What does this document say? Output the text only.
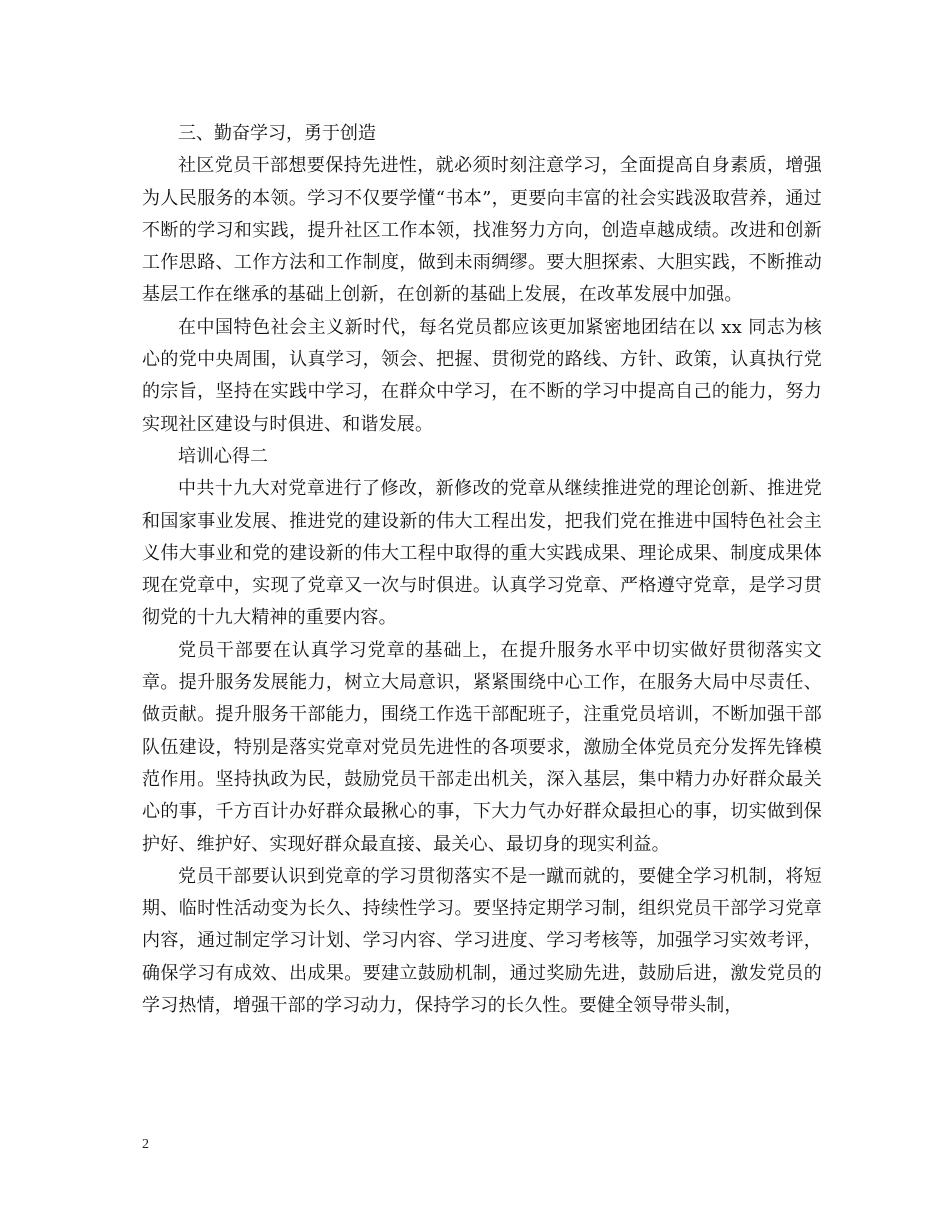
三、勤奋学习，勇于创造

社区党员干部想要保持先进性，就必须时刻注意学习，全面提高自身素质，增强为人民服务的本领。学习不仅要学懂“书本”，更要向丰富的社会实践汲取营养，通过不断的学习和实践，提升社区工作本领，找准努力方向，创造卓越成绩。改进和创新工作思路、工作方法和工作制度，做到未雨绸缪。要大胆探索、大胆实践，不断推动基层工作在继承的基础上创新，在创新的基础上发展，在改革发展中加强。

在中国特色社会主义新时代，每名党员都应该更加紧密地团结在以 xx 同志为核心的党中央周围，认真学习，领会、把握、贯彻党的路线、方针、政策，认真执行党的宗旨，坚持在实践中学习，在群众中学习，在不断的学习中提高自己的能力，努力实现社区建设与时俱进、和谐发展。

培训心得二

中共十九大对党章进行了修改，新修改的党章从继续推进党的理论创新、推进党和国家事业发展、推进党的建设新的伟大工程出发，把我们党在推进中国特色社会主义伟大事业和党的建设新的伟大工程中取得的重大实践成果、理论成果、制度成果体现在党章中，实现了党章又一次与时俱进。认真学习党章、严格遵守党章，是学习贯彻党的十九大精神的重要内容。

党员干部要在认真学习党章的基础上，在提升服务水平中切实做好贯彻落实文章。提升服务发展能力，树立大局意识，紧紧围绕中心工作，在服务大局中尽责任、做贡献。提升服务干部能力，围绕工作选干部配班子，注重党员培训，不断加强干部队伍建设，特别是落实党章对党员先进性的各项要求，激励全体党员充分发挥先锋模范作用。坚持执政为民，鼓励党员干部走出机关，深入基层，集中精力办好群众最关心的事，千方百计办好群众最揪心的事，下大力气办好群众最担心的事，切实做到保护好、维护好、实现好群众最直接、最关心、最切身的现实利益。

党员干部要认识到党章的学习贯彻落实不是一蹴而就的，要健全学习机制，将短期、临时性活动变为长久、持续性学习。要坚持定期学习制，组织党员干部学习党章内容，通过制定学习计划、学习内容、学习进度、学习考核等，加强学习实效考评，确保学习有成效、出成果。要建立鼓励机制，通过奖励先进，鼓励后进，激发党员的学习热情，增强干部的学习动力，保持学习的长久性。要健全领导带头制，

2
